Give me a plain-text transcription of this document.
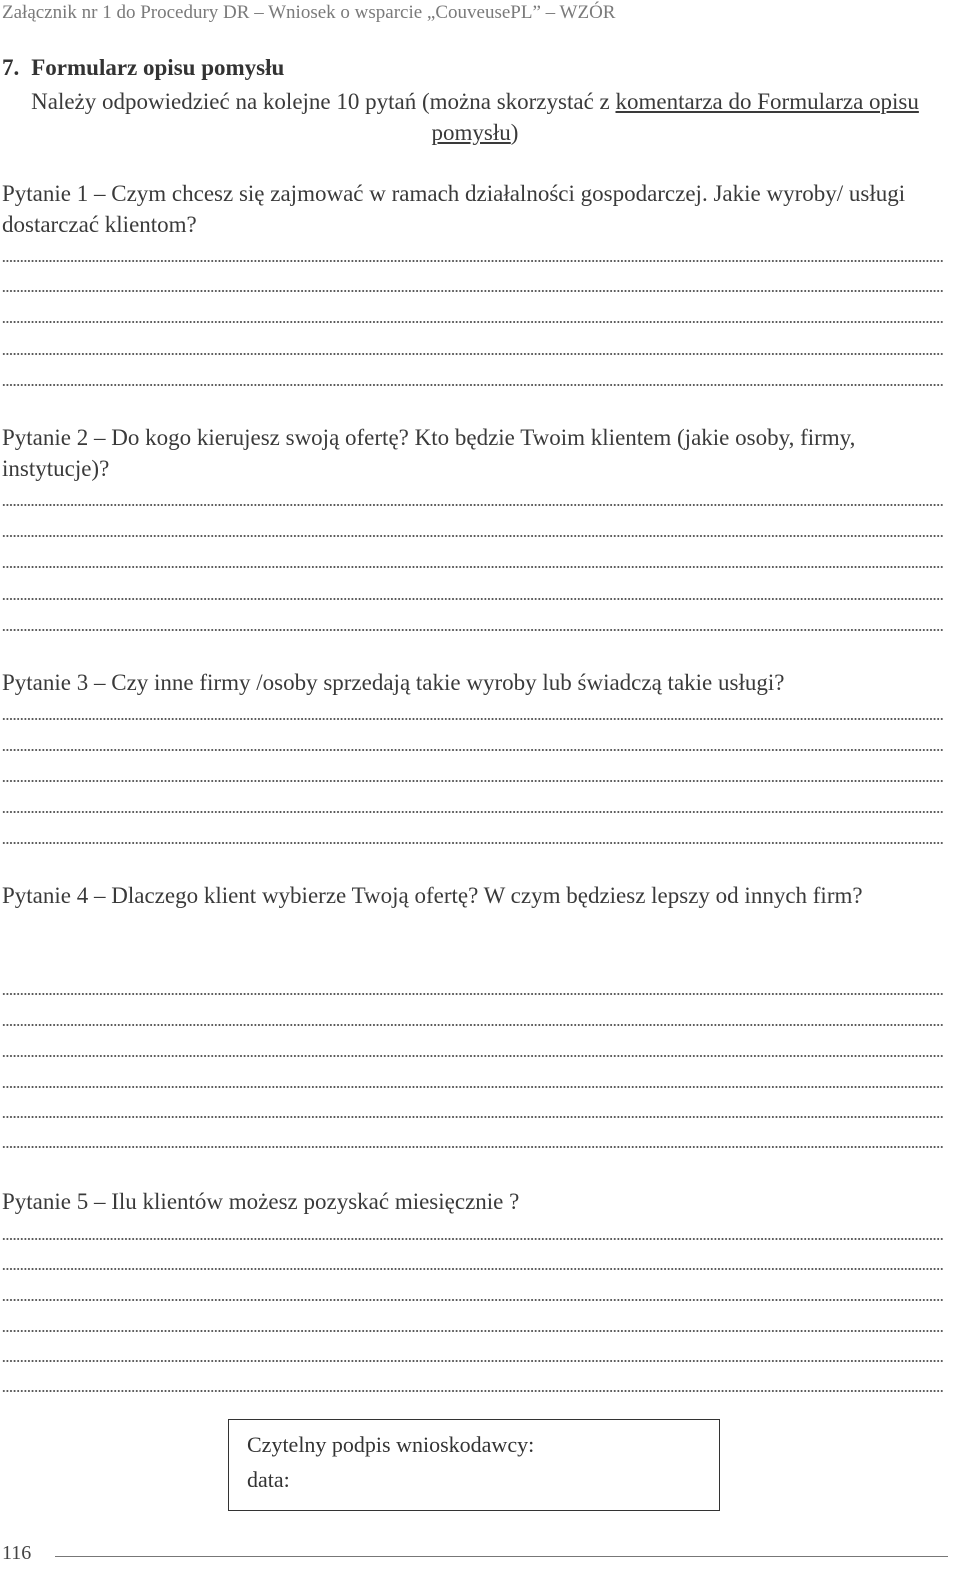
Załącznik nr 1 do Procedury DR – Wniosek o wsparcie „CouveusePL” – WZÓR
7. Formularz opisu pomysłu
Należy odpowiedzieć na kolejne 10 pytań (można skorzystać z komentarza do Formularza opisu pomysłu)
Pytanie 1 – Czym chcesz się zajmować w ramach działalności gospodarczej. Jakie wyroby/ usługi dostarczać klientom?
Pytanie 2 – Do kogo kierujesz swoją ofertę? Kto będzie Twoim klientem (jakie osoby, firmy, instytucje)?
Pytanie 3 – Czy inne firmy /osoby sprzedają takie wyroby lub świadczą takie usługi?
Pytanie 4 – Dlaczego klient wybierze Twoją ofertę? W czym będziesz lepszy od innych firm?
Pytanie 5 – Ilu klientów możesz pozyskać miesięcznie ?
Czytelny podpis wnioskodawcy:
data:
116
